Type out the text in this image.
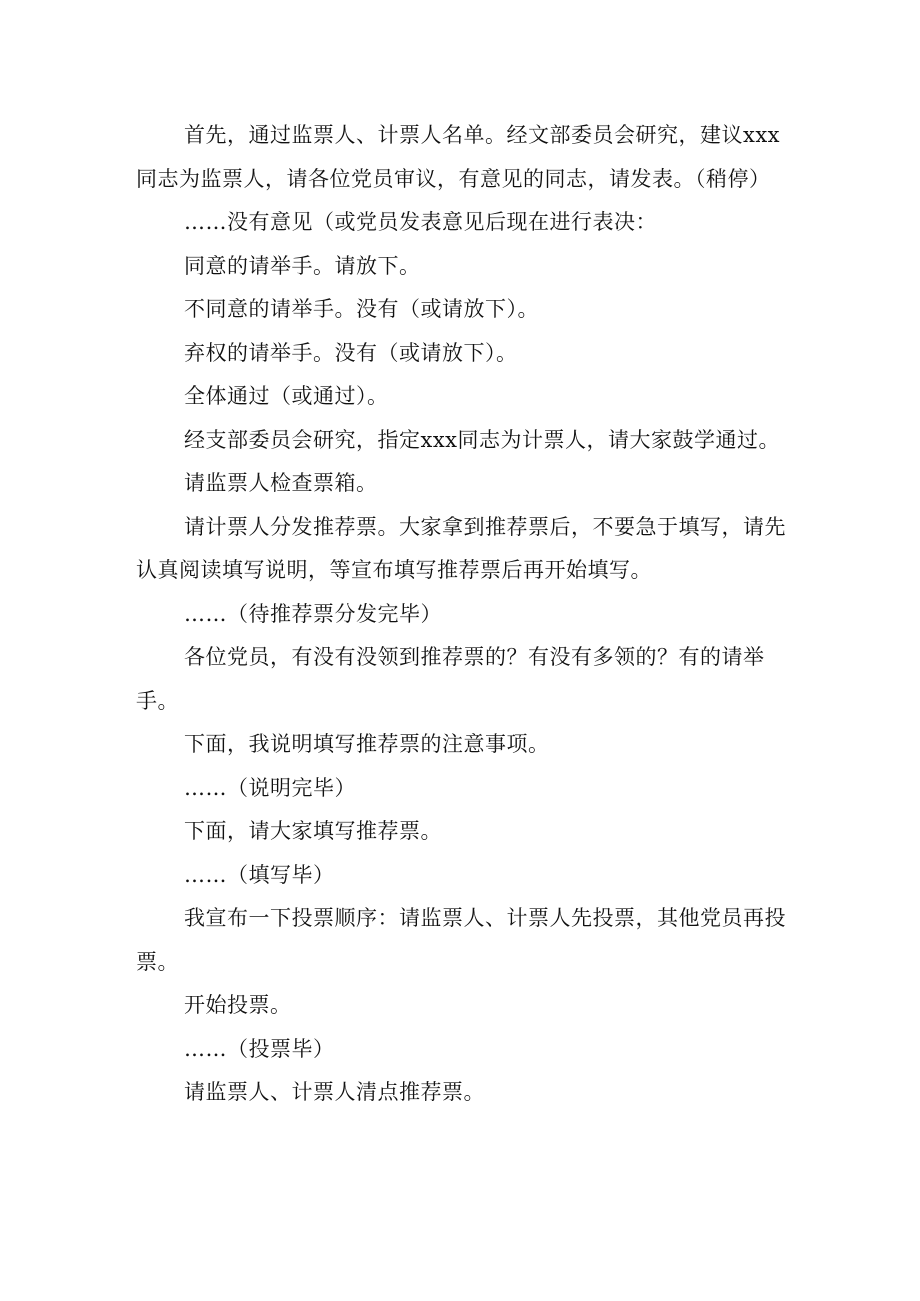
首先，通过监票人、计票人名单。经文部委员会研究，建议xxx同志为监票人，请各位党员审议，有意见的同志，请发表。（稍停）

……没有意见（或党员发表意见后现在进行表决：

同意的请举手。请放下。

不同意的请举手。没有（或请放下）。

弃权的请举手。没有（或请放下）。

全体通过（或通过）。

经支部委员会研究，指定xxx同志为计票人，请大家鼓学通过。

请监票人检查票箱。

请计票人分发推荐票。大家拿到推荐票后，不要急于填写，请先认真阅读填写说明，等宣布填写推荐票后再开始填写。

……（待推荐票分发完毕）

各位党员，有没有没领到推荐票的？有没有多领的？有的请举手。

下面，我说明填写推荐票的注意事项。

……（说明完毕）

下面，请大家填写推荐票。

……（填写毕）

我宣布一下投票顺序：请监票人、计票人先投票，其他党员再投票。

开始投票。

……（投票毕）

请监票人、计票人清点推荐票。
